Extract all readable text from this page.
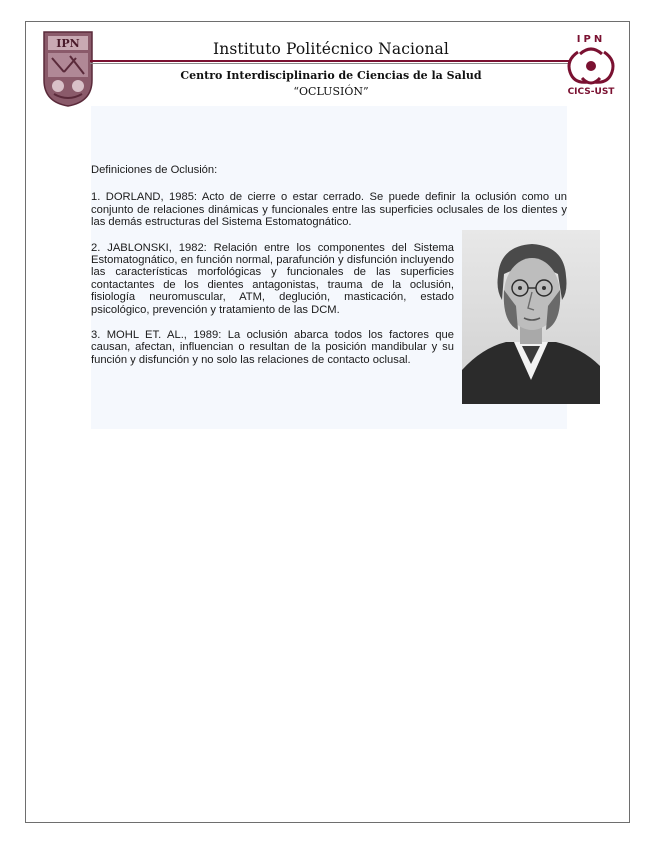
IPN	Instituto Politécnico Nacional
Centro Interdisciplinario de Ciencias de la Salud
“OCLUSIÓN”
IPN
CICS-UST

Definiciones de Oclusión:

1. DORLAND, 1985: Acto de cierre o estar cerrado. Se puede definir la oclusión como un conjunto de relaciones dinámicas y funcionales entre las superficies oclusales de los dientes y las demás estructuras del Sistema Estomatognático.

2. JABLONSKI, 1982: Relación entre los componentes del Sistema Estomatognático, en función normal, parafunción y disfunción incluyendo las características morfológicas y funcionales de las superficies contactantes de los dientes antagonistas, trauma de la oclusión, fisiología neuromuscular, ATM, deglución, masticación, estado psicológico, prevención y tratamiento de las DCM.

3. MOHL ET. AL., 1989: La oclusión abarca todos los factores que causan, afectan, influencian o resultan de la posición mandibular y su función y disfunción y no solo las relaciones de contacto oclusal.
